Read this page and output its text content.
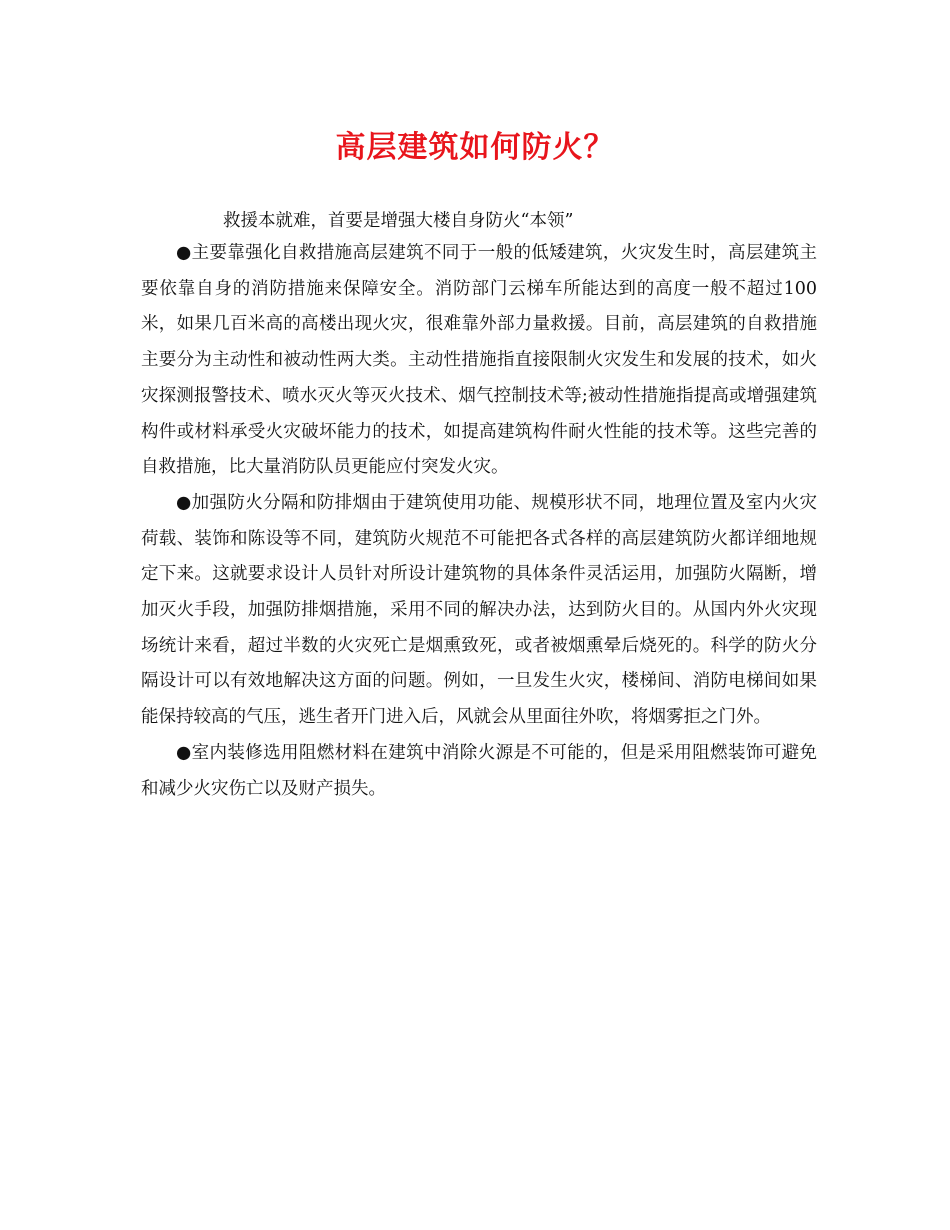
高层建筑如何防火？
救援本就难，首要是增强大楼自身防火“本领”

●主要靠强化自救措施高层建筑不同于一般的低矮建筑，火灾发生时，高层建筑主要依靠自身的消防措施来保障安全。消防部门云梯车所能达到的高度一般不超过100米，如果几百米高的高楼出现火灾，很难靠外部力量救援。目前，高层建筑的自救措施主要分为主动性和被动性两大类。主动性措施指直接限制火灾发生和发展的技术，如火灾探测报警技术、喷水灭火等灭火技术、烟气控制技术等;被动性措施指提高或增强建筑构件或材料承受火灾破坏能力的技术，如提高建筑构件耐火性能的技术等。这些完善的自救措施，比大量消防队员更能应付突发火灾。

●加强防火分隔和防排烟由于建筑使用功能、规模形状不同，地理位置及室内火灾荷载、装饰和陈设等不同，建筑防火规范不可能把各式各样的高层建筑防火都详细地规定下来。这就要求设计人员针对所设计建筑物的具体条件灵活运用，加强防火隔断，增加灭火手段，加强防排烟措施，采用不同的解决办法，达到防火目的。从国内外火灾现场统计来看，超过半数的火灾死亡是烟熏致死，或者被烟熏晕后烧死的。科学的防火分隔设计可以有效地解决这方面的问题。例如，一旦发生火灾，楼梯间、消防电梯间如果能保持较高的气压，逃生者开门进入后，风就会从里面往外吹，将烟雾拒之门外。

●室内装修选用阻燃材料在建筑中消除火源是不可能的，但是采用阻燃装饰可避免和减少火灾伤亡以及财产损失。
